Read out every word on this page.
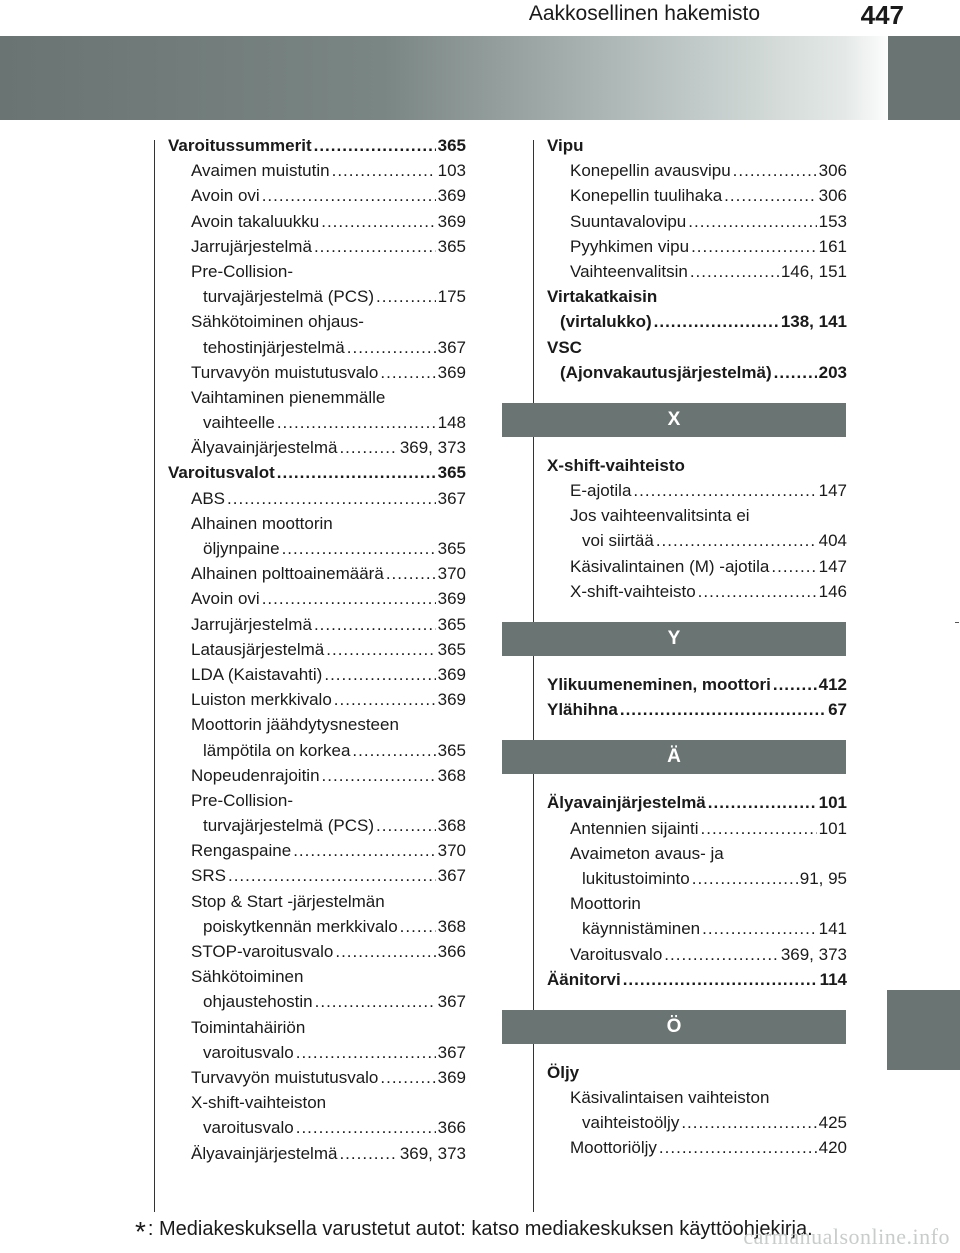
Aakkosellinen hakemisto	447
Varoitussummerit .....	365
Avaimen muistutin .....	103
Avoin ovi .....	369
Avoin takaluukku .....	369
Jarrujärjestelmä .....	365
Pre-Collision-
turvajärjestelmä (PCS) .....	175
Sähkötoiminen ohjaus-
tehostinjärjestelmä .....	367
Turvavyön muistutusvalo .....	369
Vaihtaminen pienemmälle
vaihteelle .....	148
Älyavainjärjestelmä .....	369, 373
Varoitusvalot .....	365
ABS .....	367
Alhainen moottorin
öljynpaine .....	365
Alhainen polttoainemäärä .....	370
Avoin ovi .....	369
Jarrujärjestelmä .....	365
Latausjärjestelmä .....	365
LDA (Kaistavahti) .....	369
Luiston merkkivalo .....	369
Moottorin jäähdytysnesteen
lämpötila on korkea .....	365
Nopeudenrajoitin .....	368
Pre-Collision-
turvajärjestelmä (PCS) .....	368
Rengaspaine .....	370
SRS .....	367
Stop & Start -järjestelmän
poiskytkennän merkkivalo ..... 368
STOP-varoitusvalo .....	366
Sähkötoiminen
ohjaustehostin .....	367
Toimintahäiriön
varoitusvalo .....	367
Turvavyön muistutusvalo .....	369
X-shift-vaihteiston
varoitusvalo .....	366
Älyavainjärjestelmä .....	369, 373
Vipu
Konepellin avausvipu .....	306
Konepellin tuulihaka .....	306
Suuntavalovipu .....	153
Pyyhkimen vipu .....	161
Vaihteenvalitsin .....	146, 151
Virtakatkaisin
(virtalukko) .....	138, 141
VSC
(Ajonvakautusjärjestelmä) .....	203
X
X-shift-vaihteisto
E-ajotila .....	147
Jos vaihteenvalitsinta ei
voi siirtää .....	404
Käsivalintainen (M) -ajotila .....	147
X-shift-vaihteisto .....	146
Y
Ylikuumeneminen, moottori .....	412
Ylähihna .....	67
Ä
Älyavainjärjestelmä .....	101
Antennien sijainti .....	101
Avaimeton avaus- ja
lukitustoiminto .....	91, 95
Moottorin
käynnistäminen .....	141
Varoitusvalo .....	369, 373
Äänitorvi .....	114
Ö
Öljy
Käsivalintaisen vaihteiston
vaihteistoöljy .....	425
Moottoriöljy .....	420
* : Mediakeskuksella varustetut autot: katso mediakeskuksen käyttöohjekirja.
carmanualsonline.info
